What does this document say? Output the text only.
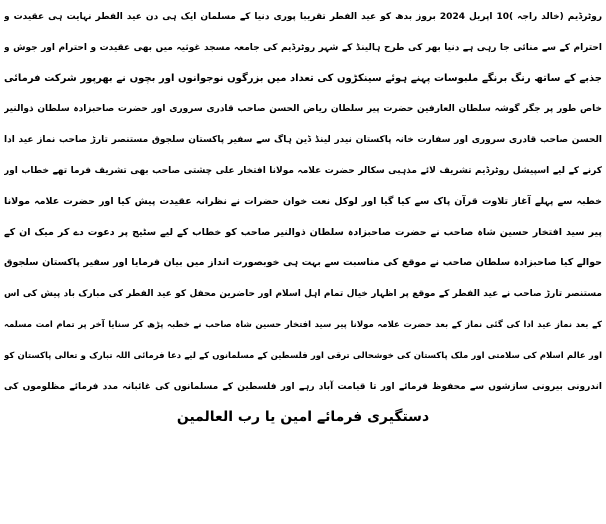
روٹرڈیم (خالد راجہ )10 اپریل 2024 بروز بدھ کو عید الفطر تقریبا پوری دنیا کے مسلمان ایک ہی دن عید الفطر نہایت ہی عقیدت و
احترام کے سے منائی جا رہی ہے دنیا بھر کی طرح ہالینڈ کے شہر روٹرڈیم کی جامعہ مسجد غوثیہ میں بھی عقیدت و احترام اور جوش و
جذبے کے ساتھ رنگ برنگے ملبوسات پہنے ہوئے سینکڑوں کی تعداد میں بزرگوں نوجوانوں اور بچوں نے بھرپور شرکت فرمائی
خاص طور پر جگر گوشہ سلطان العارفین حضرت پیر سلطان ریاض الحسن صاحب قادری سروری اور حضرت صاحبزادہ سلطان ذوالنیر
الحسن صاحب قادری سروری اور سفارت خانہ پاکستان نیدر لینڈ ڈین ہاگ سے سفیر پاکستان سلجوق مستنصر تارڑ صاحب نماز عید ادا
کرنے کے لیے اسپیشل روٹرڈیم تشریف لائے مذہبی سکالر حضرت علامہ مولانا افتخار علی چشتی صاحب بھی تشریف فرما تھے خطاب اور
خطبہ سے پہلے آغاز تلاوت قرآن پاک سے کیا گیا اور لوکل نعت خوان حضرات نے نظرانہ عقیدت پیش کیا اور حضرت علامہ مولانا
پیر سید افتخار حسین شاہ صاحب نے حضرت صاحبزادہ سلطان ذوالنیر صاحب کو خطاب کے لیے سٹیج پر دعوت دے کر میک ان کے
حوالے کیا صاحبزادہ سلطان صاحب نے موقع کی مناسبت سے بہت ہی خوبصورت انداز میں بیان فرمایا اور سفیر پاکستان سلجوق
مستنصر تارڑ صاحب نے عید الفطر کے موقع پر اظہار خیال تمام اہل اسلام اور حاضرین محفل کو عید الفطر کی مبارک باد پیش کی اس
کے بعد نماز عید ادا کی گئی نماز کے بعد حضرت علامہ مولانا پیر سید افتخار حسین شاہ صاحب نے خطبہ پڑھ کر سنایا آخر پر تمام امت مسلمہ
اور عالم اسلام کی سلامتی اور ملک پاکستان کی خوشحالی ترقی اور فلسطین کے مسلمانوں کے لیے دعا فرمائی اللہ تبارک و تعالی پاکستان کو
اندرونی بیرونی سازشوں سے محفوظ فرمائے اور تا قیامت آباد رہے اور فلسطین کے مسلمانوں کی غائبانہ مدد فرمائے مظلوموں کی
دستگیری فرمائے امین یا رب العالمین
